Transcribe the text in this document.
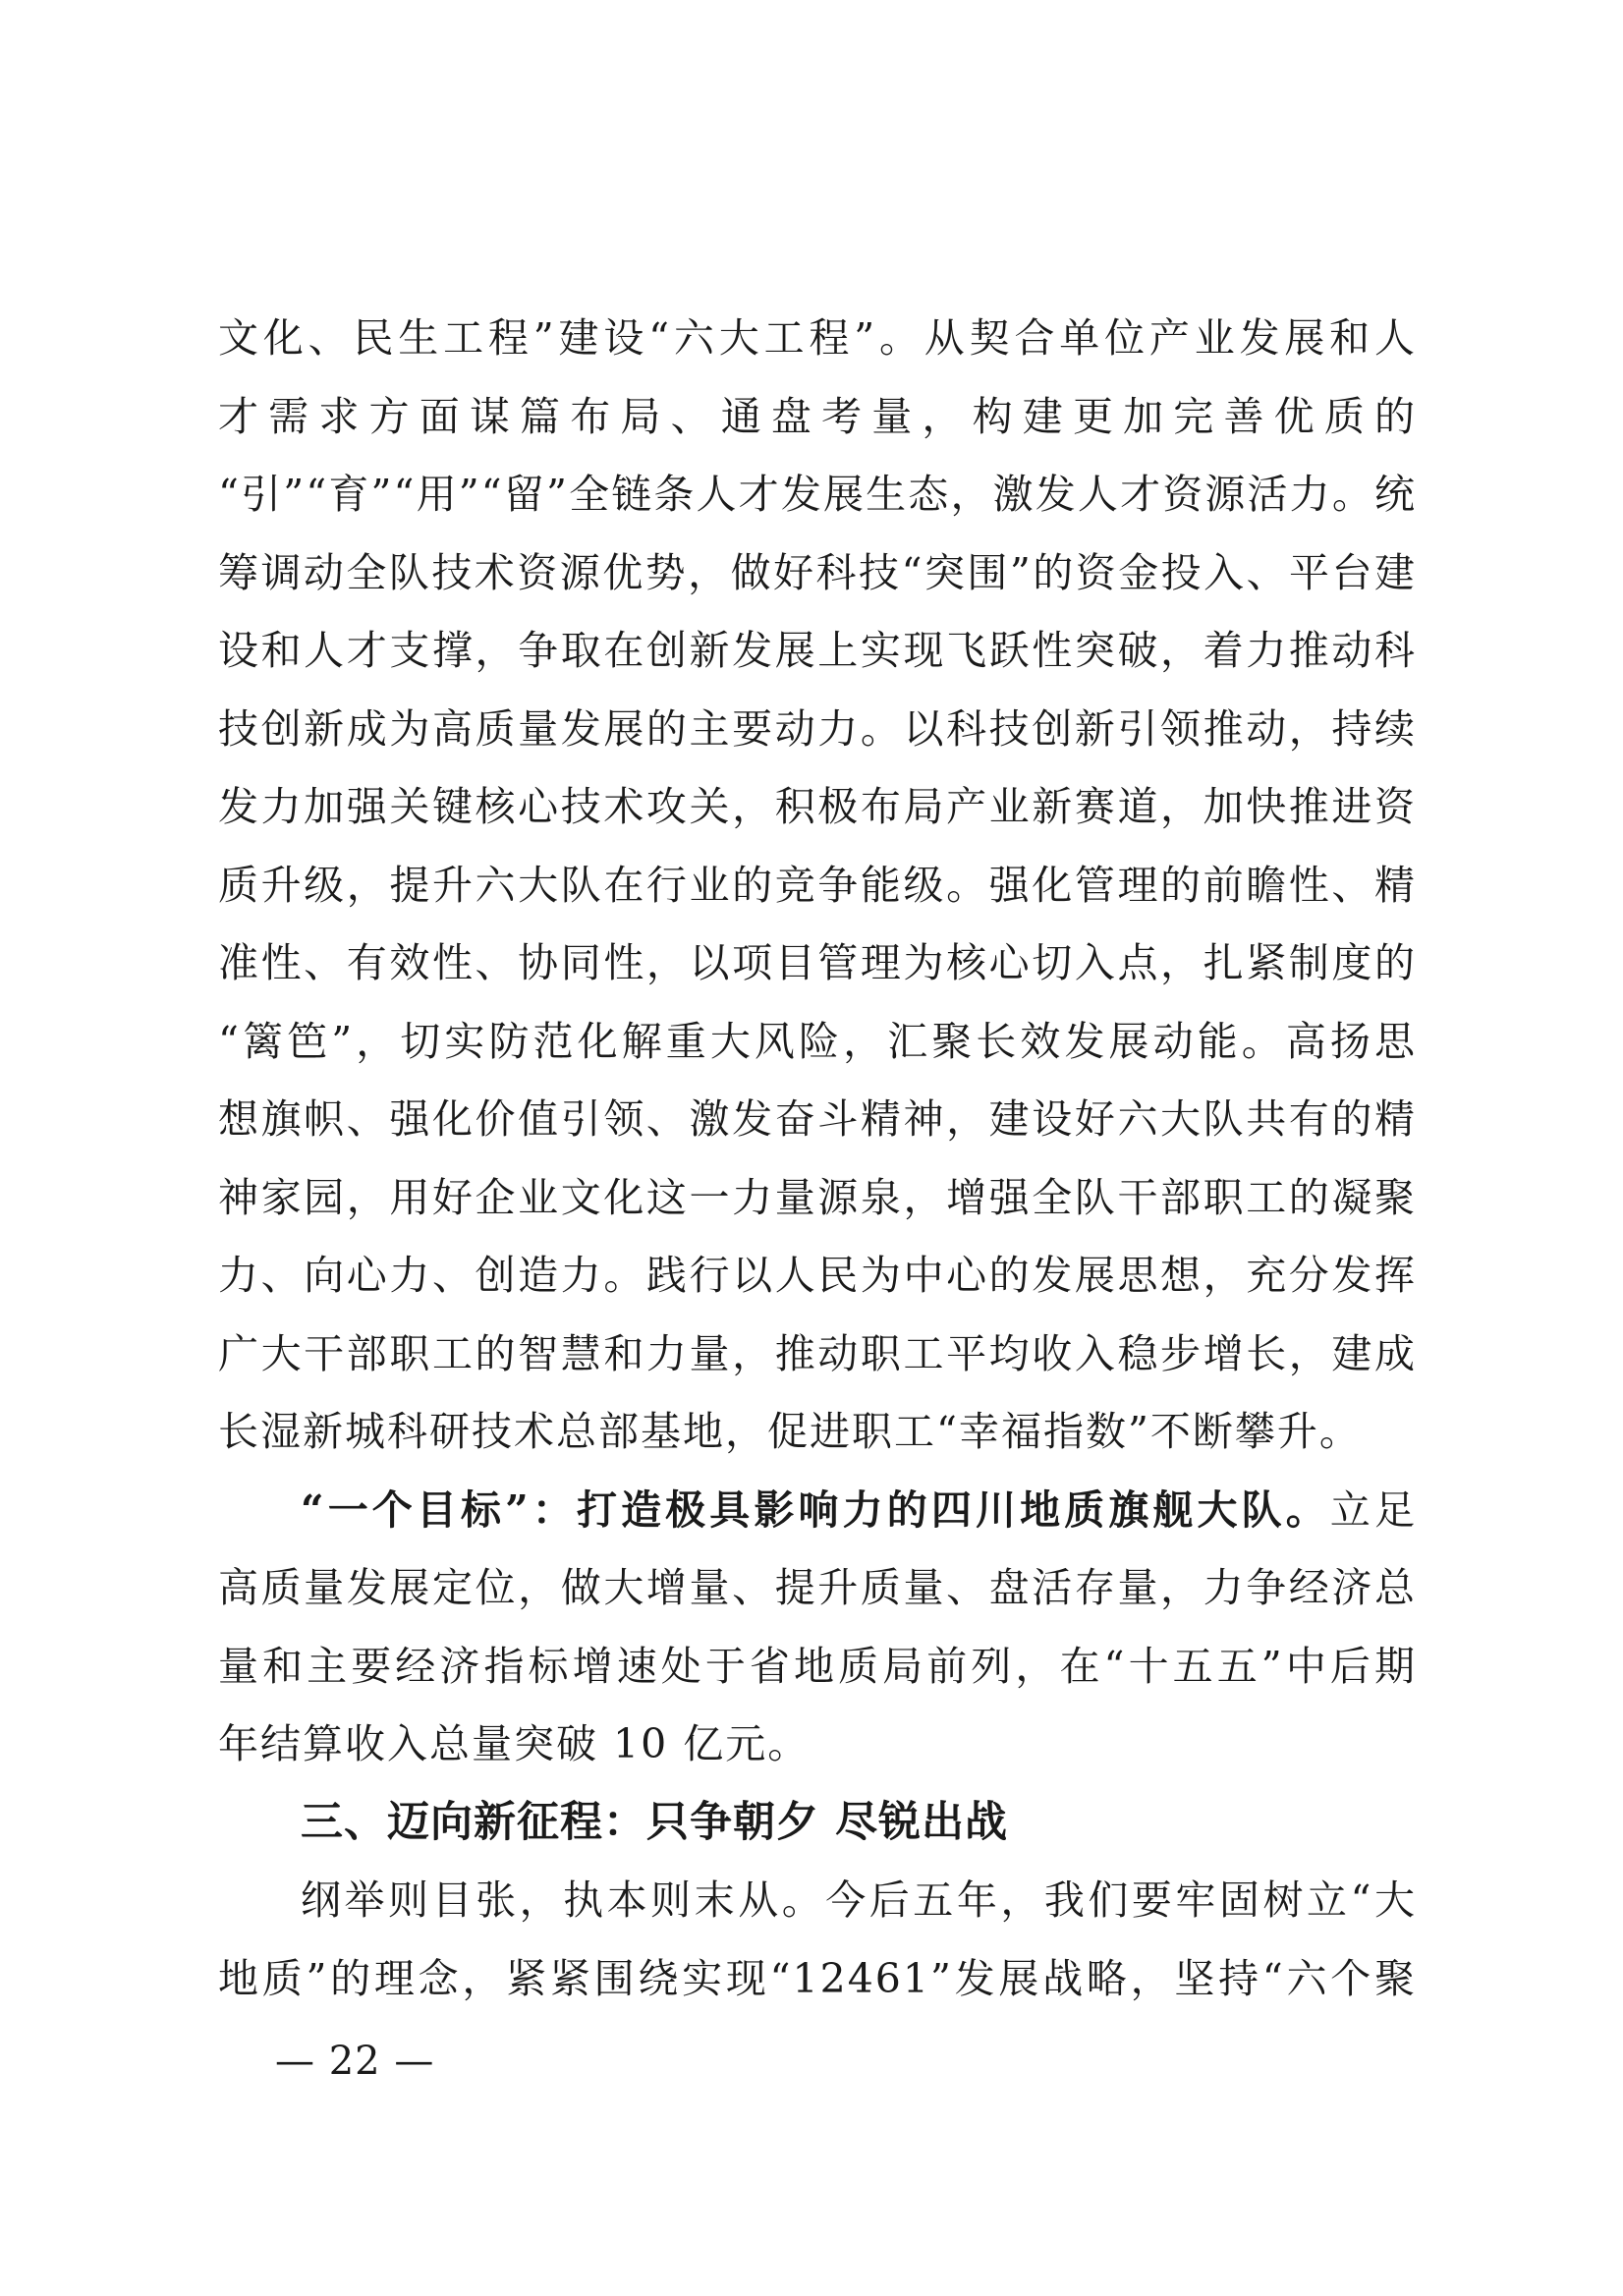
文化、民生工程”建设“六大工程”。从契合单位产业发展和人
才需求方面谋篇布局、通盘考量，构建更加完善优质的
“引”“育”“用”“留”全链条人才发展生态，激发人才资源活力。统
筹调动全队技术资源优势，做好科技“突围”的资金投入、平台建
设和人才支撑，争取在创新发展上实现飞跃性突破，着力推动科
技创新成为高质量发展的主要动力。以科技创新引领推动，持续
发力加强关键核心技术攻关，积极布局产业新赛道，加快推进资
质升级，提升六大队在行业的竞争能级。强化管理的前瞻性、精
准性、有效性、协同性，以项目管理为核心切入点，扎紧制度的
“篱笆”，切实防范化解重大风险，汇聚长效发展动能。高扬思
想旗帜、强化价值引领、激发奋斗精神，建设好六大队共有的精
神家园，用好企业文化这一力量源泉，增强全队干部职工的凝聚
力、向心力、创造力。践行以人民为中心的发展思想，充分发挥
广大干部职工的智慧和力量，推动职工平均收入稳步增长，建成
长湿新城科研技术总部基地，促进职工“幸福指数”不断攀升。
“一个目标”：打造极具影响力的四川地质旗舰大队。立足
高质量发展定位，做大增量、提升质量、盘活存量，力争经济总
量和主要经济指标增速处于省地质局前列，在“十五五”中后期
年结算收入总量突破 10 亿元。
三、迈向新征程：只争朝夕 尽锐出战
纲举则目张，执本则末从。今后五年，我们要牢固树立“大
地质”的理念，紧紧围绕实现“12461”发展战略，坚持“六个聚
— 22 —
